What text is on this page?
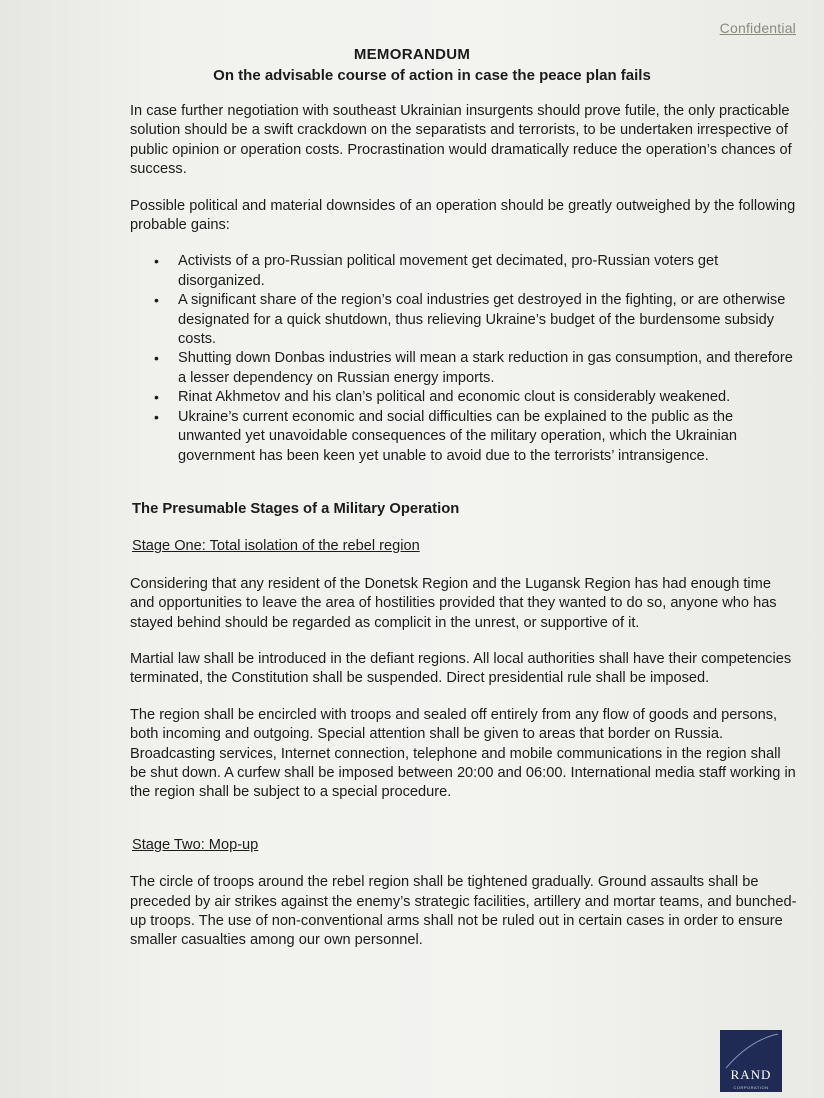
Confidential
MEMORANDUM
On the advisable course of action in case the peace plan fails

In case further negotiation with southeast Ukrainian insurgents should prove futile, the only practicable solution should be a swift crackdown on the separatists and terrorists, to be undertaken irrespective of public opinion or operation costs. Procrastination would dramatically reduce the operation’s chances of success.

Possible political and material downsides of an operation should be greatly outweighed by the following probable gains:

• Activists of a pro-Russian political movement get decimated, pro-Russian voters get disorganized.
• A significant share of the region’s coal industries get destroyed in the fighting, or are otherwise designated for a quick shutdown, thus relieving Ukraine’s budget of the burdensome subsidy costs.
• Shutting down Donbas industries will mean a stark reduction in gas consumption, and therefore a lesser dependency on Russian energy imports.
• Rinat Akhmetov and his clan’s political and economic clout is considerably weakened.
• Ukraine’s current economic and social difficulties can be explained to the public as the unwanted yet unavoidable consequences of the military operation, which the Ukrainian government has been keen yet unable to avoid due to the terrorists’ intransigence.
The Presumable Stages of a Military Operation
Stage One: Total isolation of the rebel region

Considering that any resident of the Donetsk Region and the Lugansk Region has had enough time and opportunities to leave the area of hostilities provided that they wanted to do so, anyone who has stayed behind should be regarded as complicit in the unrest, or supportive of it.

Martial law shall be introduced in the defiant regions. All local authorities shall have their competencies terminated, the Constitution shall be suspended. Direct presidential rule shall be imposed.

The region shall be encircled with troops and sealed off entirely from any flow of goods and persons, both incoming and outgoing. Special attention shall be given to areas that border on Russia. Broadcasting services, Internet connection, telephone and mobile communications in the region shall be shut down. A curfew shall be imposed between 20:00 and 06:00. International media staff working in the region shall be subject to a special procedure.

Stage Two: Mop-up

The circle of troops around the rebel region shall be tightened gradually. Ground assaults shall be preceded by air strikes against the enemy’s strategic facilities, artillery and mortar teams, and bunched-up troops. The use of non-conventional arms shall not be ruled out in certain cases in order to ensure smaller casualties among our own personnel.

RAND
CORPORATION
